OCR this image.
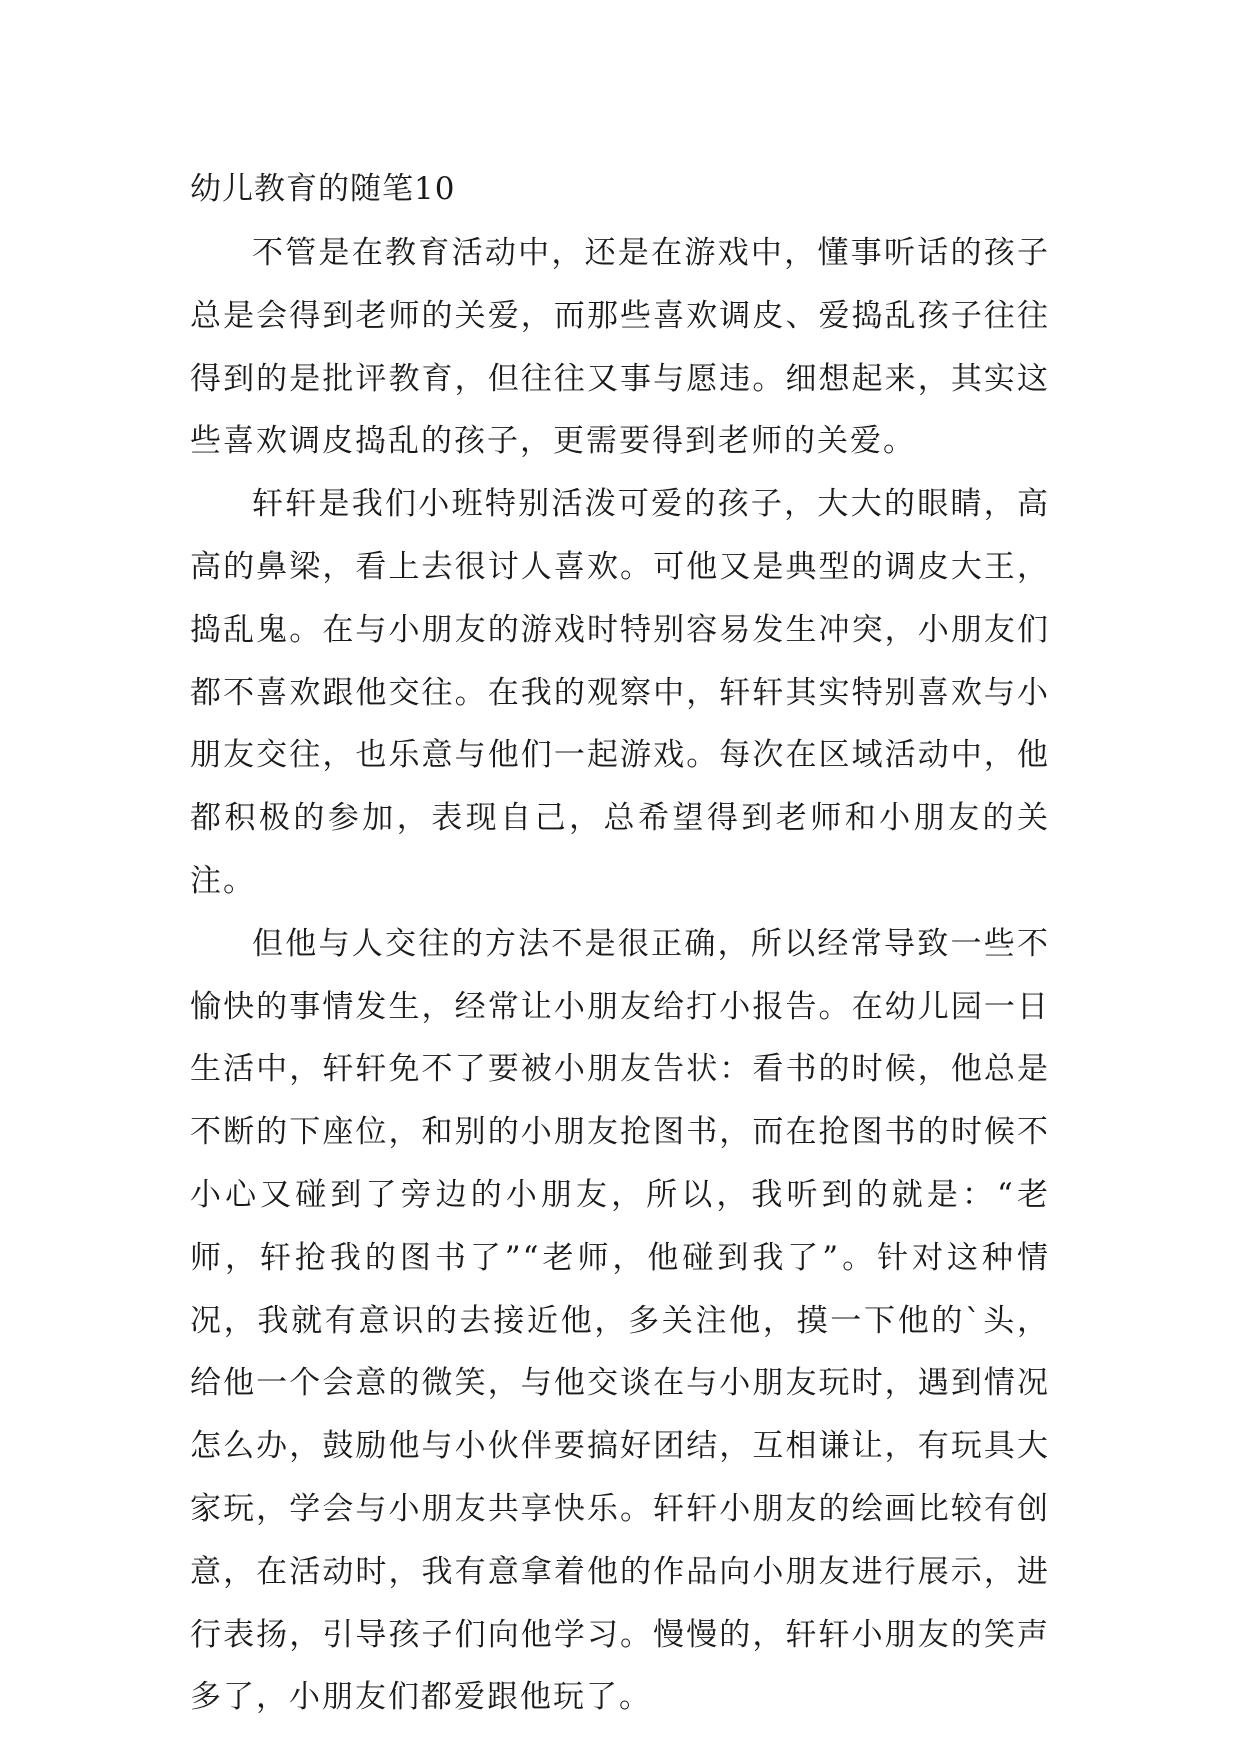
幼儿教育的随笔10

不管是在教育活动中，还是在游戏中，懂事听话的孩子总是会得到老师的关爱，而那些喜欢调皮、爱捣乱孩子往往得到的是批评教育，但往往又事与愿违。细想起来，其实这些喜欢调皮捣乱的孩子，更需要得到老师的关爱。

轩轩是我们小班特别活泼可爱的孩子，大大的眼睛，高高的鼻梁，看上去很讨人喜欢。可他又是典型的调皮大王，捣乱鬼。在与小朋友的游戏时特别容易发生冲突，小朋友们都不喜欢跟他交往。在我的观察中，轩轩其实特别喜欢与小朋友交往，也乐意与他们一起游戏。每次在区域活动中，他都积极的参加，表现自己，总希望得到老师和小朋友的关注。

但他与人交往的方法不是很正确，所以经常导致一些不愉快的事情发生，经常让小朋友给打小报告。在幼儿园一日生活中，轩轩免不了要被小朋友告状：看书的时候，他总是不断的下座位，和别的小朋友抢图书，而在抢图书的时候不小心又碰到了旁边的小朋友，所以，我听到的就是：“老师，轩抢我的图书了”“老师，他碰到我了”。针对这种情况，我就有意识的去接近他，多关注他，摸一下他的`头，给他一个会意的微笑，与他交谈在与小朋友玩时，遇到情况怎么办，鼓励他与小伙伴要搞好团结，互相谦让，有玩具大家玩，学会与小朋友共享快乐。轩轩小朋友的绘画比较有创意，在活动时，我有意拿着他的作品向小朋友进行展示，进行表扬，引导孩子们向他学习。慢慢的，轩轩小朋友的笑声多了，小朋友们都爱跟他玩了。
